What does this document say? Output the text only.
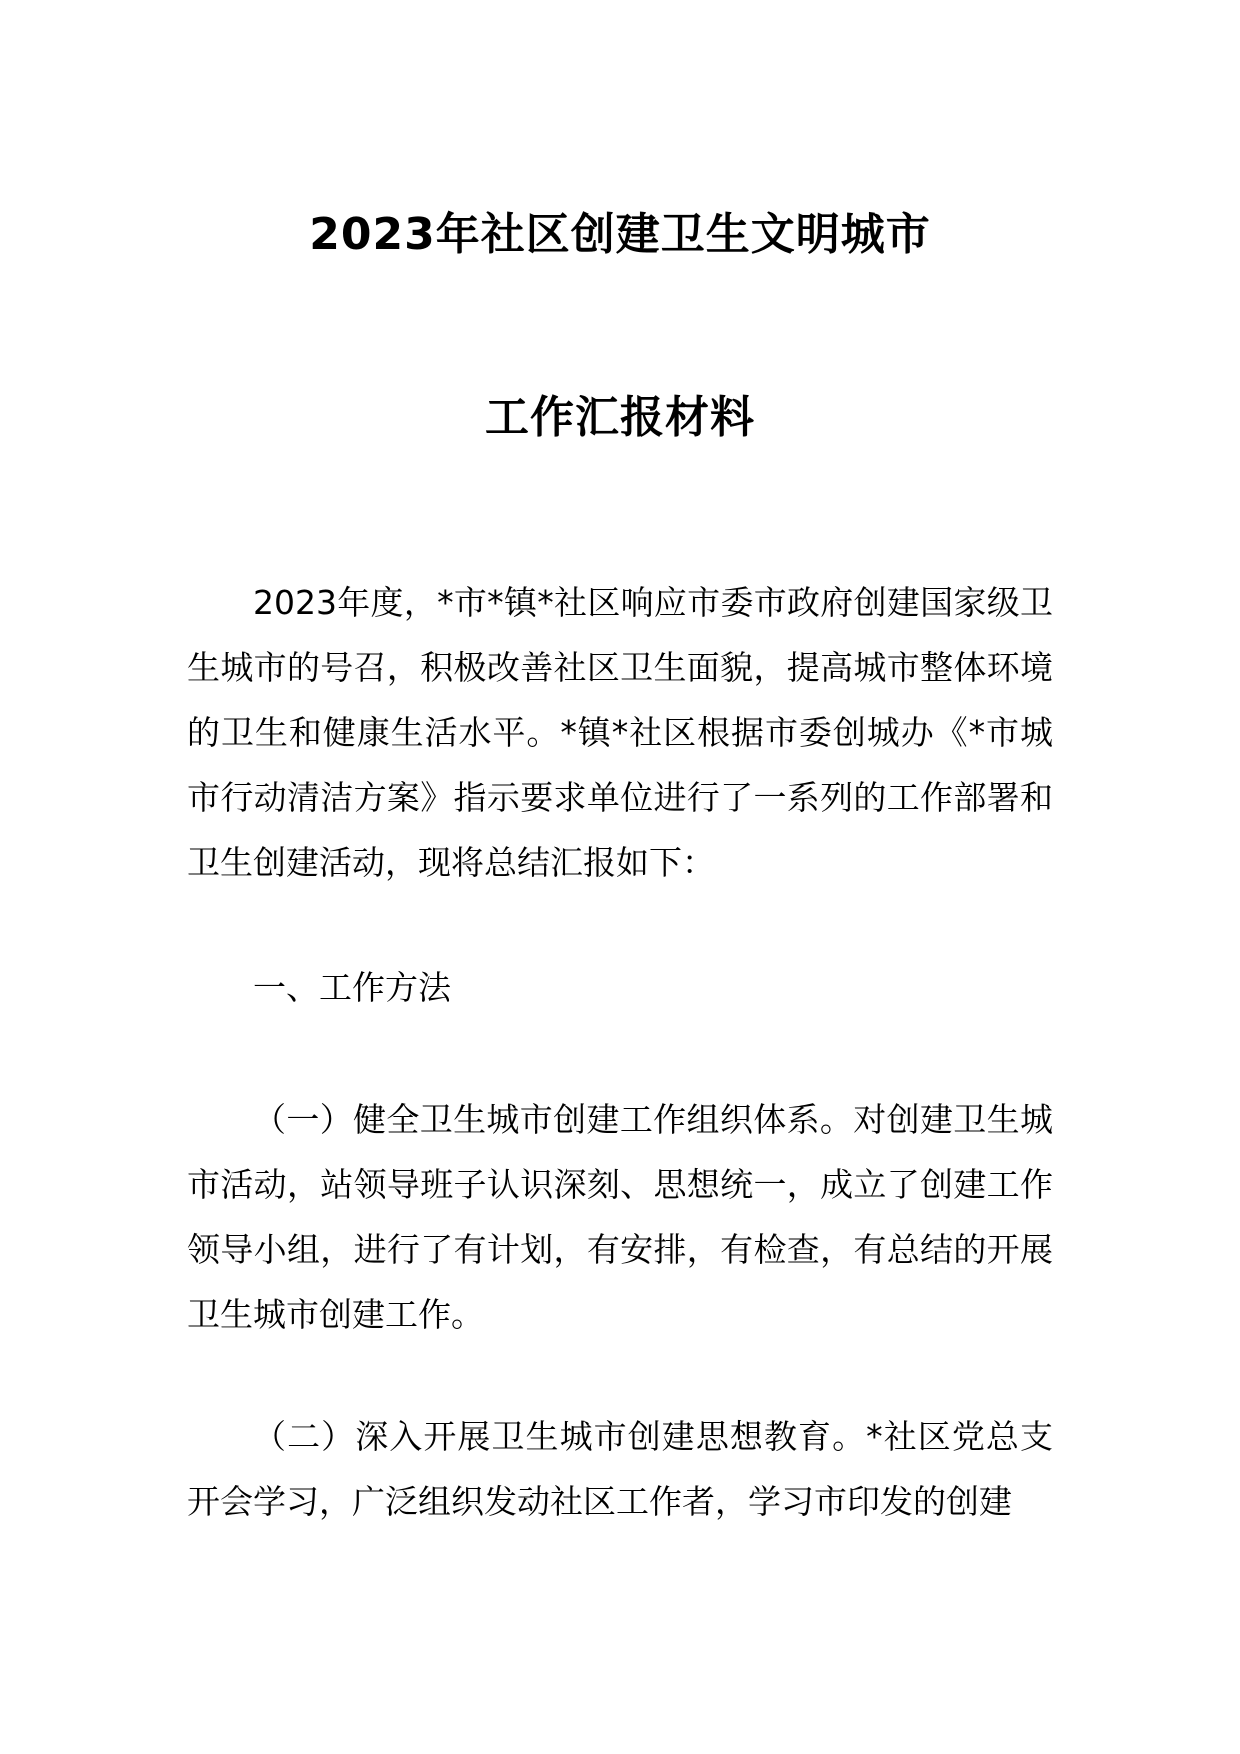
2023年社区创建卫生文明城市
工作汇报材料

2023年度，*市*镇*社区响应市委市政府创建国家级卫生城市的号召，积极改善社区卫生面貌，提高城市整体环境的卫生和健康生活水平。*镇*社区根据市委创城办《*市城市行动清洁方案》指示要求单位进行了一系列的工作部署和卫生创建活动，现将总结汇报如下：

一、工作方法

（一）健全卫生城市创建工作组织体系。对创建卫生城市活动，站领导班子认识深刻、思想统一，成立了创建工作领导小组，进行了有计划，有安排，有检查，有总结的开展卫生城市创建工作。

（二）深入开展卫生城市创建思想教育。*社区党总支开会学习，广泛组织发动社区工作者，学习市印发的创建
